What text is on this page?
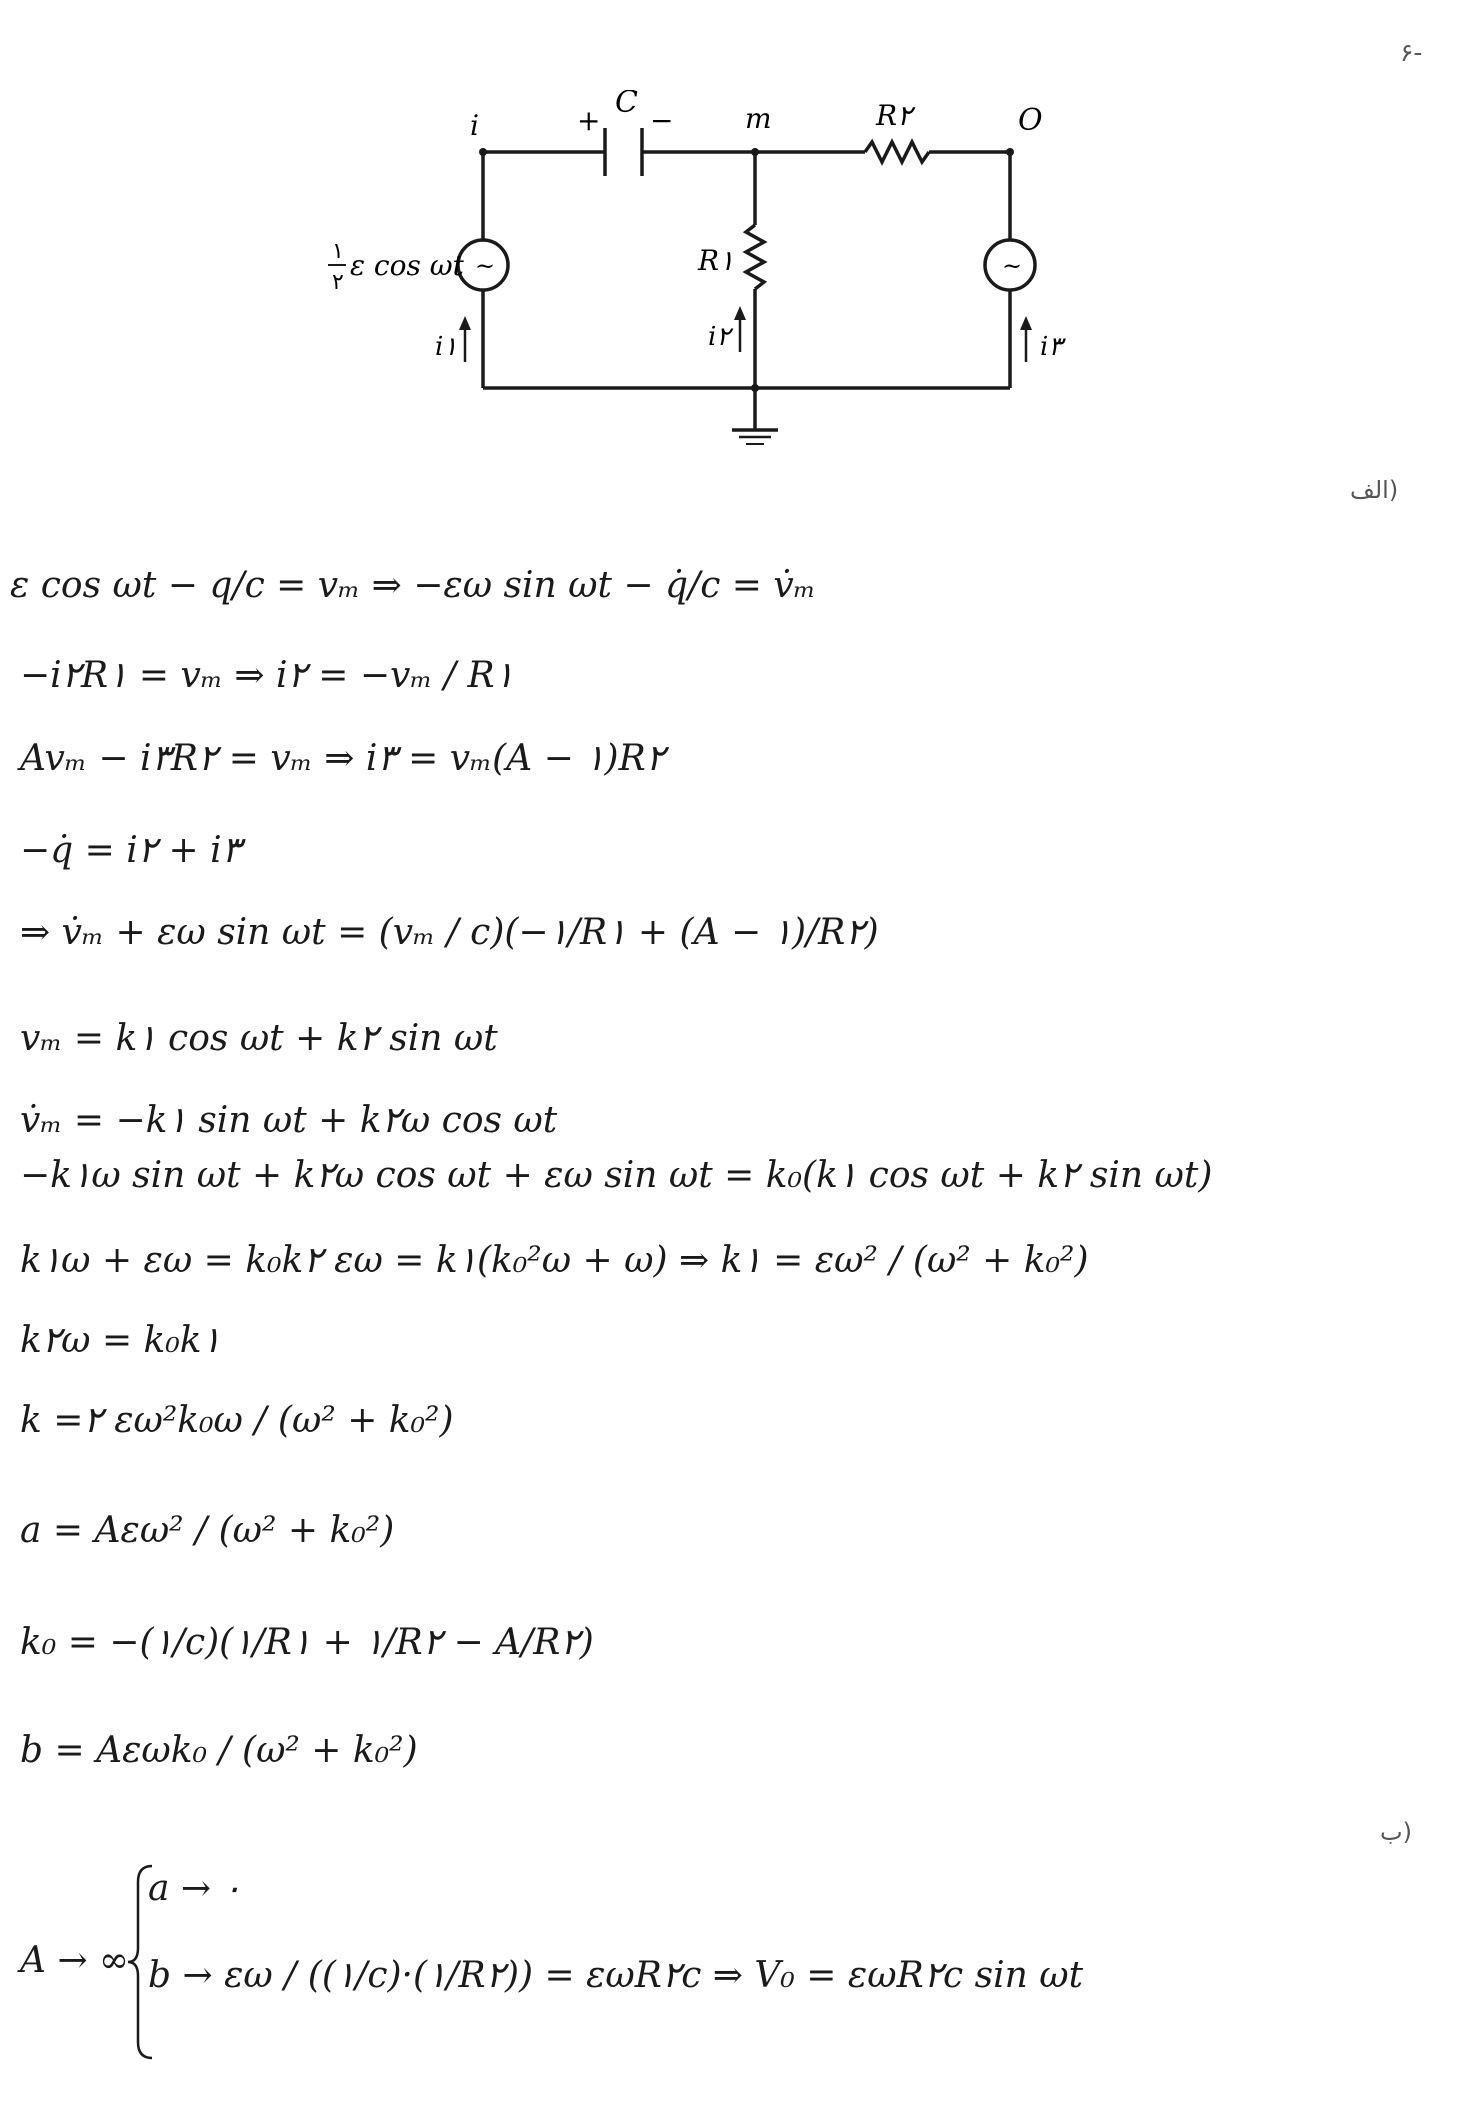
۶-
الف)
ب)
i	m	O
C
+ −	R۲
R۱
~	~
۱
۲
ε cos ωt
i۱	i۲	i۳
ε cos ωt − q/c = vₘ ⇒ −εω sin ωt − q̇/c = v̇ₘ
−i۲R۱ = vₘ ⇒ i۲ = −vₘ / R۱
Avₘ − i۳R۲ = vₘ ⇒ i۳ = vₘ(A − ۱)R۲
−q̇ = i۲ + i۳
⇒ v̇ₘ + εω sin ωt = (vₘ / c)(−۱/R۱ + (A − ۱)/R۲)
vₘ = k۱ cos ωt + k۲ sin ωt
v̇ₘ = −k۱ sin ωt + k۲ω cos ωt
−k۱ω sin ωt + k۲ω cos ωt + εω sin ωt = k₀(k۱ cos ωt + k۲ sin ωt)
k۱ω + εω = k₀k۲ εω = k۱(k₀²ω + ω) ⇒ k۱ = εω² / (ω² + k₀²)
k۲ω = k₀k۱
k =۲ εω²k₀ω / (ω² + k₀²)
a = Aεω² / (ω² + k₀²)
k₀ = −(۱/c)(۱/R۱ + ۱/R۲ − A/R۲)
b = Aεωk₀ / (ω² + k₀²)
A → ∞
a → ۰
b → εω / ((۱/c)·(۱/R۲)) = εωR۲c ⇒ V₀ = εωR۲c sin ωt
